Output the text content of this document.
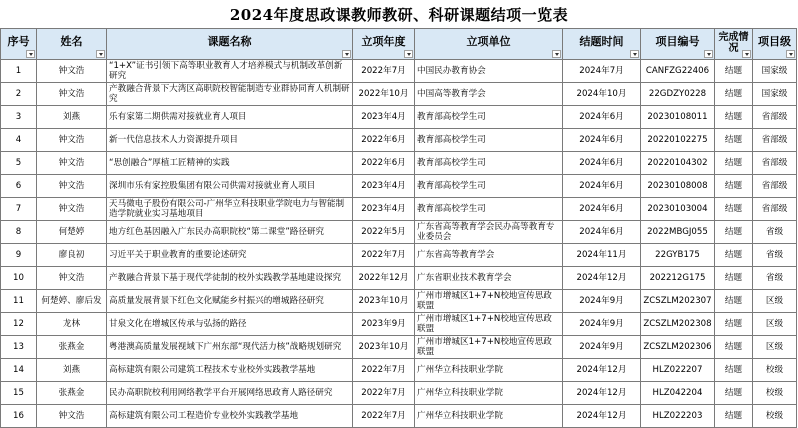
2024年度思政课教师教研、科研课题结项一览表
序号	姓名	课题名称	立项年度	立项单位	结题时间	项目编号	完成情况	项目级

1	钟文浩	“1+X”证书引领下高等职业教育人才培养模式与机制改革创新研究	2022年7月	中国民办教育协会	2024年7月	CANFZG22406	结题	国家级
2	钟文浩	产教融合背景下大湾区高职院校智能制造专业群协同育人机制研究	2022年10月	中国高等教育学会	2024年10月	22GDZY0228	结题	国家级
3	刘燕	乐有家第二期供需对接就业育人项目	2023年4月	教育部高校学生司	2024年6月	20230108011	结题	省部级
4	钟文浩	新一代信息技术人力资源提升项目	2022年6月	教育部高校学生司	2024年6月	20220102275	结题	省部级
5	钟文浩	“思创融合”厚植工匠精神的实践	2022年6月	教育部高校学生司	2024年6月	20220104302	结题	省部级
6	钟文浩	深圳市乐有家控股集团有限公司供需对接就业育人项目	2023年4月	教育部高校学生司	2024年6月	20230108008	结题	省部级
7	钟文浩	天马微电子股份有限公司-广州华立科技职业学院电力与智能制造学院就业实习基地项目	2023年4月	教育部高校学生司	2024年6月	20230103004	结题	省部级
8	何楚婷	地方红色基因融入广东民办高职院校“第二课堂”路径研究	2022年5月	广东省高等教育学会民办高等教育专业委员会	2024年6月	2022MBGJ055	结题	省级
9	廖良初	习近平关于职业教育的重要论述研究	2022年7月	广东省高等教育学会	2024年11月	22GYB175	结题	省级
10	钟文浩	产教融合背景下基于现代学徒制的校外实践教学基地建设探究	2022年12月	广东省职业技术教育学会	2024年12月	202212G175	结题	省级
11	何楚婷、廖后发	高质量发展背景下红色文化赋能乡村振兴的增城路径研究	2023年10月	广州市增城区1+7+N校地宣传思政联盟	2024年9月	ZCSZLM202307	结题	区级
12	龙林	甘泉文化在增城区传承与弘扬的路径	2023年9月	广州市增城区1+7+N校地宣传思政联盟	2024年9月	ZCSZLM202308	结题	区级
13	张燕金	粤港澳高质量发展视域下广州东部“现代活力核”战略规划研究	2023年10月	广州市增城区1+7+N校地宣传思政联盟	2024年9月	ZCSZLM202306	结题	区级
14	刘燕	高标建筑有限公司建筑工程技术专业校外实践教学基地	2022年7月	广州华立科技职业学院	2024年12月	HLZ022207	结题	校级
15	张燕金	民办高职院校利用网络教学平台开展网络思政育人路径研究	2022年7月	广州华立科技职业学院	2024年12月	HLZ042204	结题	校级
16	钟文浩	高标建筑有限公司工程造价专业校外实践教学基地	2022年7月	广州华立科技职业学院	2024年12月	HLZ022203	结题	校级
